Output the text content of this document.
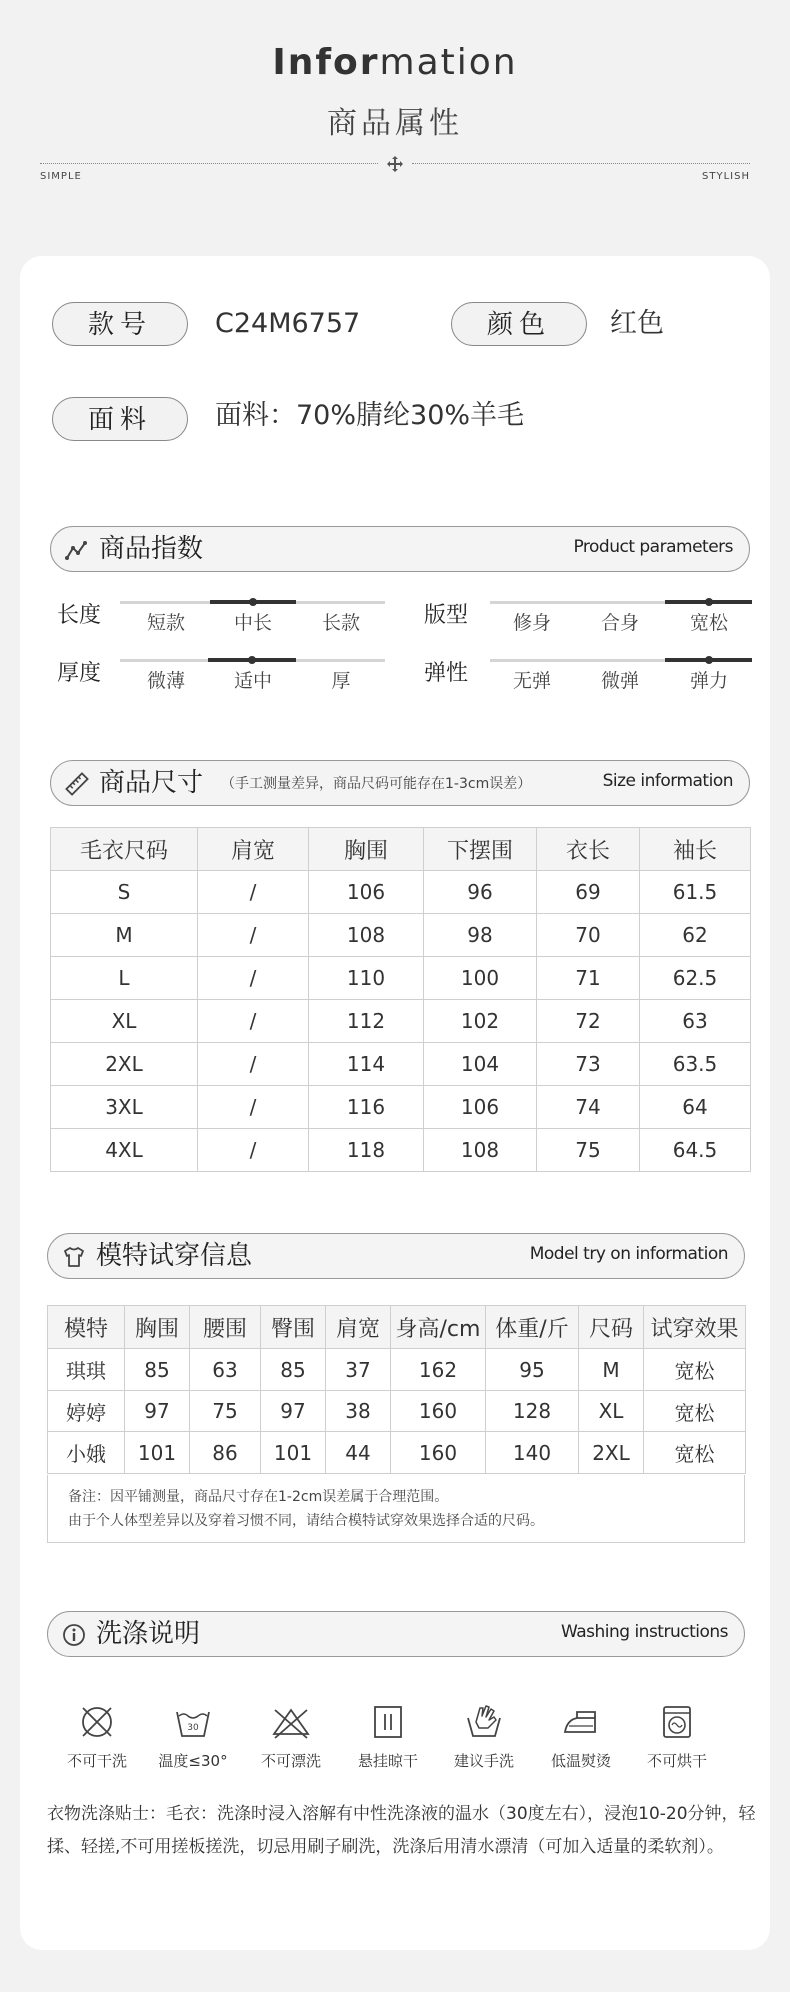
Information
商品属性
SIMPLE	STYLISH
款号	C24M6757	颜色	红色
面料	面料：70%腈纶30%羊毛
商品指数	Product parameters
长度	短款	中长	长款	版型	修身	合身	宽松
厚度	微薄	适中	厚	弹性	无弹	微弹	弹力
商品尺寸 （手工测量差异，商品尺码可能存在1-3cm误差）	Size information
毛衣尺码	肩宽	胸围	下摆围	衣长	袖长
S	/	106	96	69	61.5
M	/	108	98	70	62
L	/	110	100	71	62.5
XL	/	112	102	72	63
2XL	/	114	104	73	63.5
3XL	/	116	106	74	64
4XL	/	118	108	75	64.5
模特试穿信息	Model try on information
模特	胸围	腰围	臀围	肩宽	身高/cm	体重/斤	尺码	试穿效果
琪琪	85	63	85	37	162	95	M	宽松
婷婷	97	75	97	38	160	128	XL	宽松
小娥	101	86	101	44	160	140	2XL	宽松
备注：因平铺测量，商品尺寸存在1-2cm误差属于合理范围。
由于个人体型差异以及穿着习惯不同，请结合模特试穿效果选择合适的尺码。
洗涤说明	Washing instructions
不可干洗
30
温度≤30°	不可漂洗	悬挂晾干	建议手洗	低温熨烫	不可烘干
衣物洗涤贴士：毛衣：洗涤时浸入溶解有中性洗涤液的温水（30度左右），浸泡10-20分钟，轻揉、轻搓,不可用搓板搓洗，切忌用刷子刷洗，洗涤后用清水漂清（可加入适量的柔软剂）。
